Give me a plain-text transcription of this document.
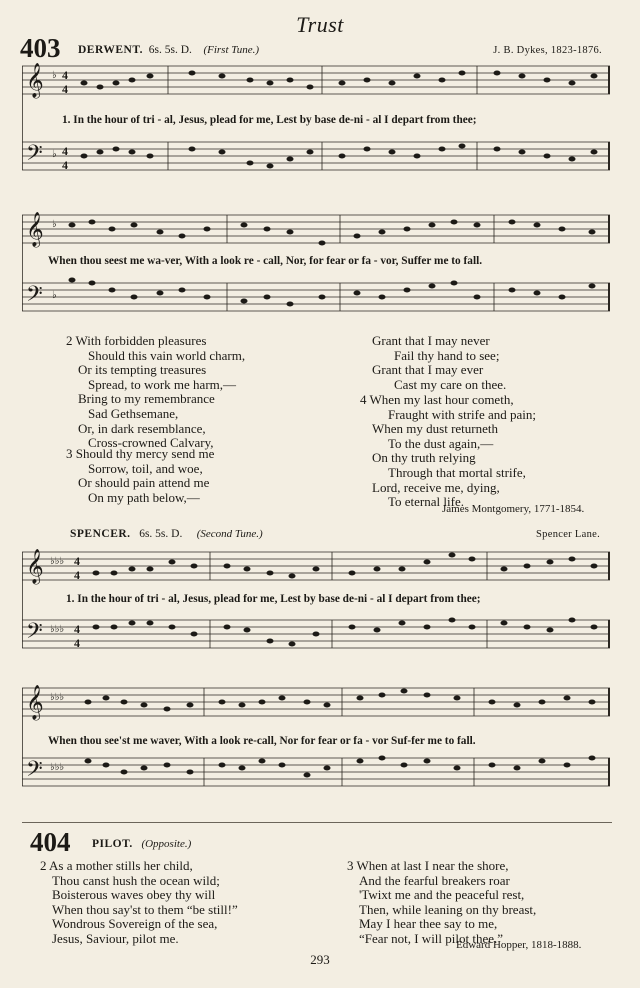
Trust
403 DERWENT. 6s. 5s. D. (First Tune.)	J. B. Dykes, 1823-1876.
𝄞
𝄢
♭
♭
4
4
4
4
1. In the hour of tri - al, Jesus, plead for me, Lest by base de-ni - al I depart from thee;
𝄞
𝄢
♭
♭
When thou seest me wa-ver, With a look re - call, Nor, for fear or fa - vor, Suffer me to fall.
2 With forbidden pleasures
Should this vain world charm,
Or its tempting treasures
Spread, to work me harm,—
Bring to my remembrance
Sad Gethsemane,
Or, in dark resemblance,
Cross-crowned Calvary,
3 Should thy mercy send me
Sorrow, toil, and woe,
Or should pain attend me
On my path below,—
Grant that I may never
Fail thy hand to see;
Grant that I may ever
Cast my care on thee.
4 When my last hour cometh,
Fraught with strife and pain;
When my dust returneth
To the dust again,—
On thy truth relying
Through that mortal strife,
Lord, receive me, dying,
To eternal life.
James Montgomery, 1771-1854.
SPENCER. 6s. 5s. D. (Second Tune.)	Spencer Lane.
𝄞
𝄢
♭♭♭
♭♭♭
4
4
4
4
1. In the hour of tri - al, Jesus, plead for me, Lest by base de-ni - al I depart from thee;
𝄞
𝄢
♭♭♭
♭♭♭
When thou see'st me waver, With a look re-call, Nor for fear or fa - vor Suf-fer me to fall.
404 PILOT. (Opposite.)
2 As a mother stills her child,
Thou canst hush the ocean wild;
Boisterous waves obey thy will
When thou say'st to them “be still!”
Wondrous Sovereign of the sea,
Jesus, Saviour, pilot me.
3 When at last I near the shore,
And the fearful breakers roar
'Twixt me and the peaceful rest,
Then, while leaning on thy breast,
May I hear thee say to me,
“Fear not, I will pilot thee.”
Edward Hopper, 1818-1888.
293
